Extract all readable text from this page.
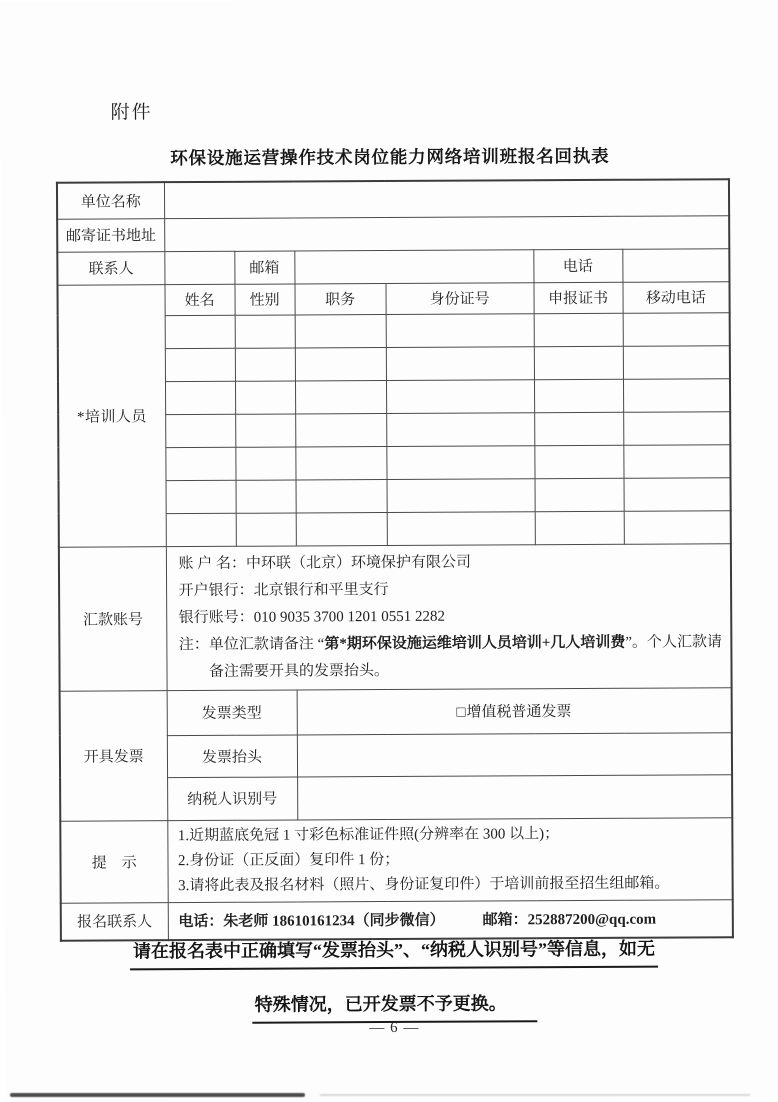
附件
环保设施运营操作技术岗位能力网络培训班报名回执表
单位名称						
邮寄证书地址						
联系人		邮箱			电话	
*培训人员	姓名	性别	职务	身份证号	申报证书	移动电话

汇款账号	账 户 名：中环联（北京）环境保护有限公司
开户银行：北京银行和平里支行
银行账号：010 9035 3700 1201 0551 2282
注：单位汇款请备注 “第*期环保设施运维培训人员培训+几人培训费”。个人汇款请备注需要开具的发票抬头。					

开具发票	发票类型		□增值税普通发票			
	发票抬头					
	纳税人识别号					
提　示	1.近期蓝底免冠 1 寸彩色标准证件照(分辨率在 300 以上)；
2.身份证（正反面）复印件 1 份；
3.请将此表及报名材料（照片、身份证复印件）于培训前报至招生组邮箱。					

报名联系人	电话：朱老师 18610161234（同步微信） 邮箱：252887200@qq.com					
请在报名表中正确填写“发票抬头”、“纳税人识别号”等信息，如无
特殊情况，已开发票不予更换。
— 6 —
